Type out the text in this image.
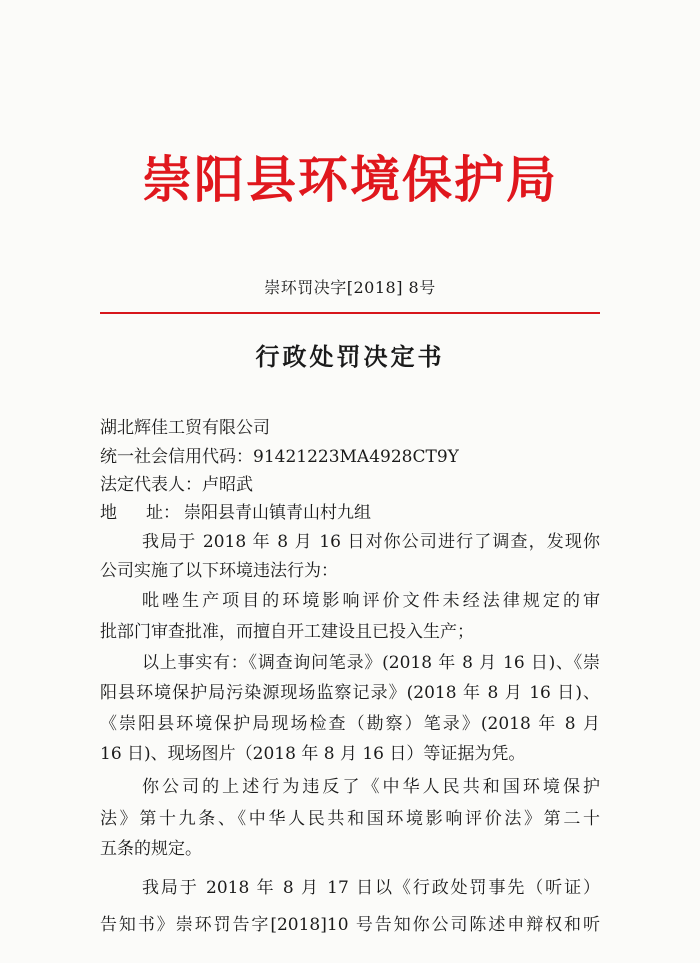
崇阳县环境保护局
崇环罚决字[2018] 8号
行政处罚决定书
湖北辉佳工贸有限公司
统一社会信用代码：91421223MA4928CT9Y
法定代表人：卢昭武
地 址： 崇阳县青山镇青山村九组
我局于 2018 年 8 月 16 日对你公司进行了调查，发现你
公司实施了以下环境违法行为：
吡唑生产项目的环境影响评价文件未经法律规定的审
批部门审查批准，而擅自开工建设且已投入生产；
以上事实有：《调查询问笔录》(2018 年 8 月 16 日)、《崇
阳县环境保护局污染源现场监察记录》(2018 年 8 月 16 日)、
《崇阳县环境保护局现场检查（勘察）笔录》(2018 年 8 月
16 日)、现场图片（2018 年 8 月 16 日）等证据为凭。
你公司的上述行为违反了《中华人民共和国环境保护
法》第十九条、《中华人民共和国环境影响评价法》第二十
五条的规定。
我局于 2018 年 8 月 17 日以《行政处罚事先（听证）
告知书》崇环罚告字[2018]10 号告知你公司陈述申辩权和听
